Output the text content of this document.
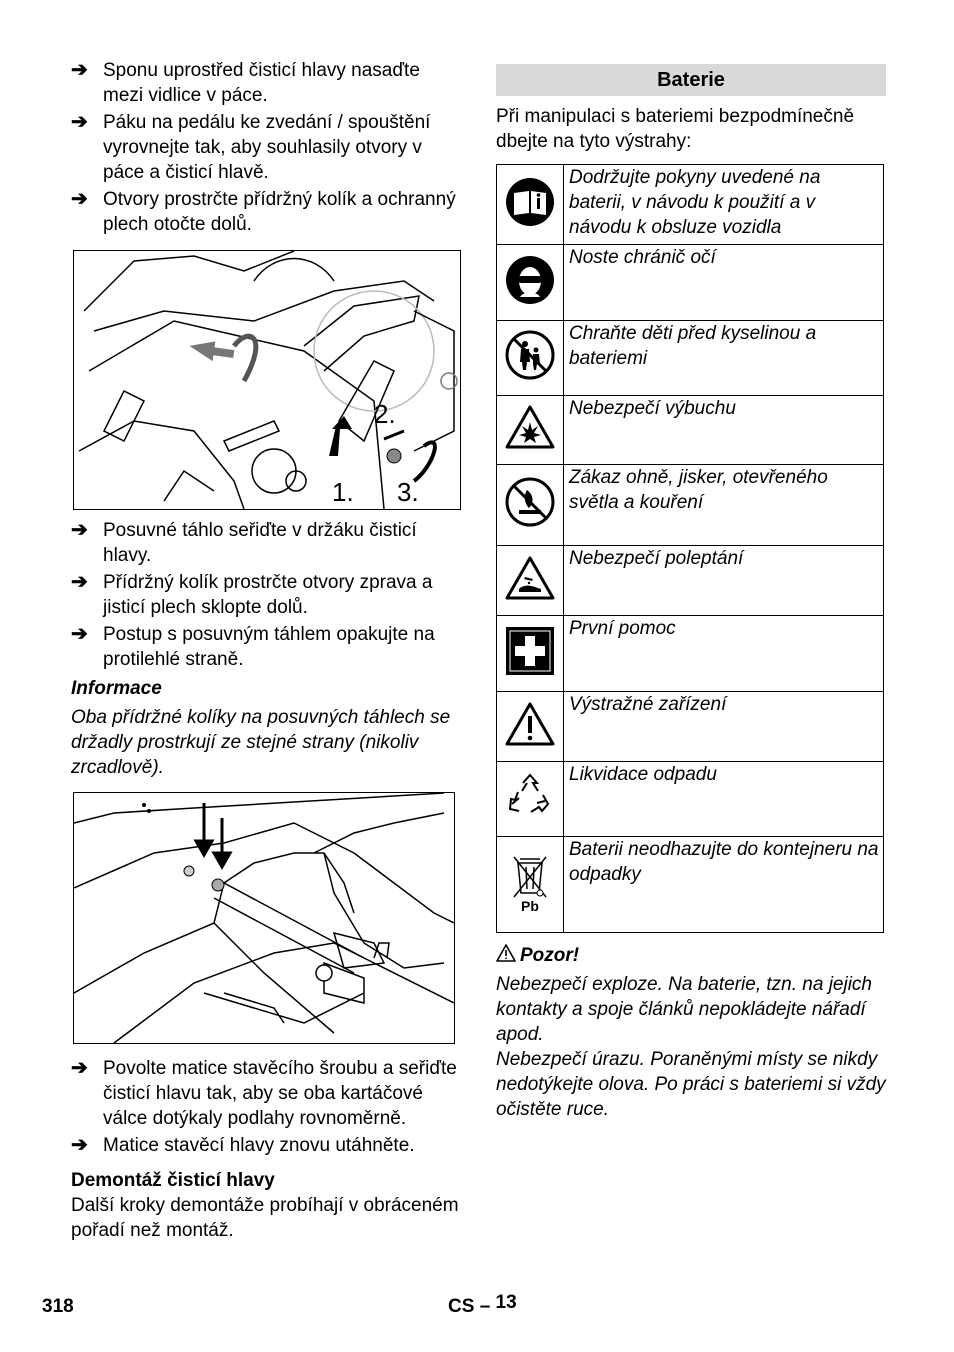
➔ Sponu uprostřed čisticí hlavy nasaďte mezi vidlice v páce.
➔ Páku na pedálu ke zvedání / spouštění vyrovnejte tak, aby souhlasily otvory v páce a čisticí hlavě.
➔ Otvory prostrčte přídržný kolík a ochranný plech otočte dolů.
2.
1. 3.
➔ Posuvné táhlo seřiďte v držáku čisticí hlavy.
➔ Přídržný kolík prostrčte otvory zprava a jisticí plech sklopte dolů.
➔ Postup s posuvným táhlem opakujte na protilehlé straně.

Informace

Oba přídržné kolíky na posuvných táhlech se držadly prostrkují ze stejné strany (nikoliv zrcadlově).

➔ Povolte matice stavěcího šroubu a seřiďte čisticí hlavu tak, aby se oba kartáčové válce dotýkaly podlahy rovnoměrně.
➔ Matice stavěcí hlavy znovu utáhněte.

Demontáž čisticí hlavy

Další kroky demontáže probíhají v obráceném pořadí než montáž.

Baterie

Při manipulaci s bateriemi bezpodmínečně dbejte na tyto výstrahy:

	Dodržujte pokyny uvedené na baterii, v návodu k použití a v návodu k obsluze vozidla
	Noste chránič očí
	Chraňte děti před kyselinou a bateriemi
	Nebezpečí výbuchu
	Zákaz ohně, jisker, otevřeného světla a kouření
	Nebezpečí poleptání
	První pomoc
	Výstražné zařízení
	Likvidace odpadu

Pb	Baterii neodhazujte do kontejneru na odpadky

Pozor!

Nebezpečí exploze. Na baterie, tzn. na jejich kontakty a spoje článků nepokládejte nářadí apod.

Nebezpečí úrazu. Poraněnými místy se nikdy nedotýkejte olova. Po práci s bateriemi si vždy očistěte ruce.

318	CS – 13
